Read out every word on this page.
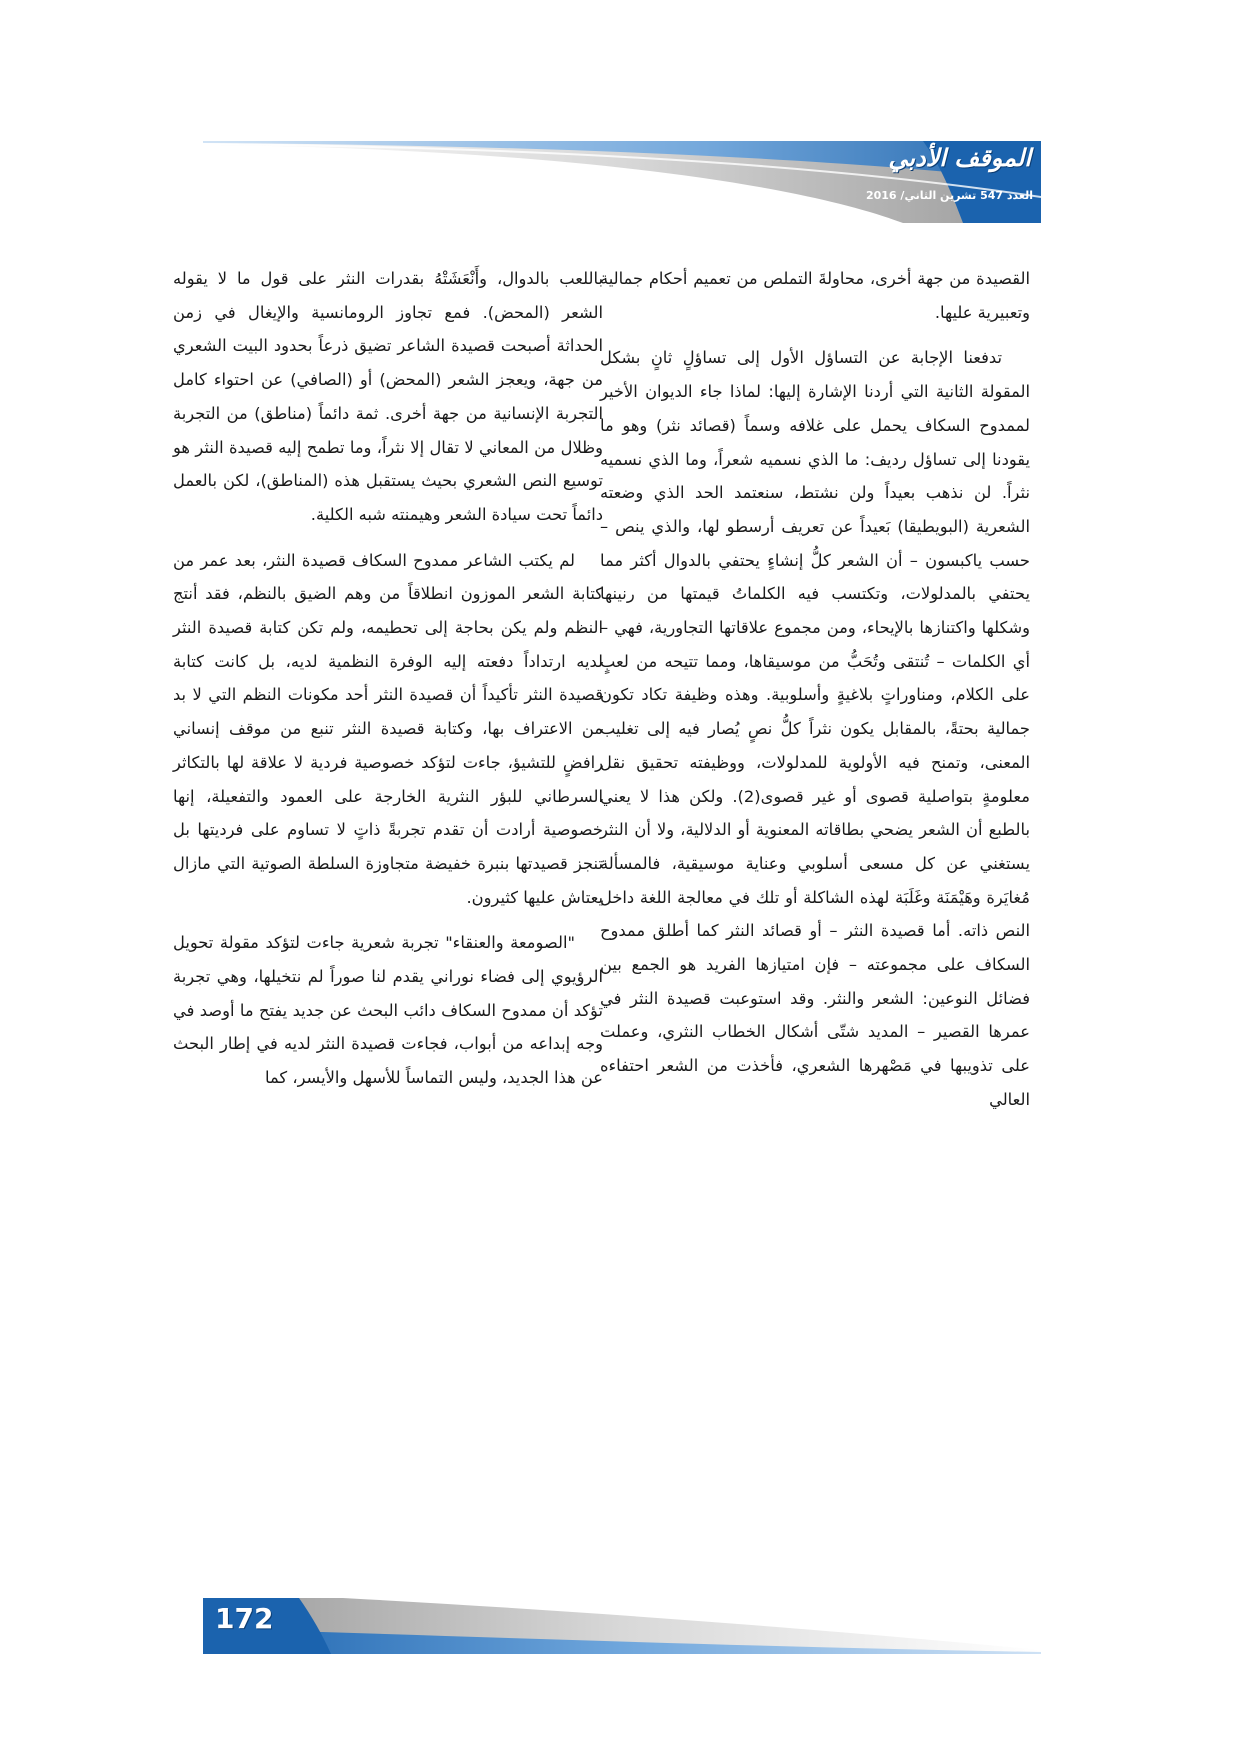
الموقف الأدبي
العدد 547 تشرين الثاني/ 2016

القصيدة من جهة أخرى، محاولةَ التملص من تعميم أحكام جمالية وتعبيرية عليها.

تدفعنا الإجابة عن التساؤل الأول إلى تساؤلٍ ثانٍ بشكل المقولة الثانية التي أردنا الإشارة إليها: لماذا جاء الديوان الأخير لممدوح السكاف يحمل على غلافه وسماً (قصائد نثر) وهو ما يقودنا إلى تساؤل رديف: ما الذي نسميه شعراً، وما الذي نسميه نثراً. لن نذهب بعيداً ولن نشتط، سنعتمد الحد الذي وضعته الشعرية (البويطيقا) بَعيداً عن تعريف أرسطو لها، والذي ينص – حسب ياكبسون – أن الشعر كلُّ إنشاءٍ يحتفي بالدوال أكثر مما يحتفي بالمدلولات، وتكتسب فيه الكلماتُ قيمتها من رنينها وشكلها واكتنازها بالإيحاء، ومن مجموع علاقاتها التجاورية، فهي – أي الكلمات – تُنتقى وتُحَبُّ من موسيقاها، ومما تتيحه من لعبٍ على الكلام، ومناوراتٍ بلاغيةٍ وأسلوبية. وهذه وظيفة تكاد تكون جمالية بحتةً، بالمقابل يكون نثراً كلُّ نصٍ يُصار فيه إلى تغليب المعنى، وتمنح فيه الأولوية للمدلولات، ووظيفته تحقيق نقل معلومةٍ بتواصلية قصوى أو غير قصوى(2). ولكن هذا لا يعني بالطبع أن الشعر يضحي بطاقاته المعنوية أو الدلالية، ولا أن النثر يستغني عن كل مسعى أسلوبي وعناية موسيقية، فالمسألة مُغايَرة وهَيْمَنَة وغَلَبَة لهذه الشاكلة أو تلك في معالجة اللغة داخل النص ذاته. أما قصيدة النثر – أو قصائد النثر كما أطلق ممدوح السكاف على مجموعته – فإن امتيازها الفريد هو الجمع بين فضائل النوعين: الشعر والنثر. وقد استوعبت قصيدة النثر في عمرها القصير – المديد شتّى أشكال الخطاب النثري، وعملت على تذويبها في مَصْهرها الشعري، فأخذت من الشعر احتفاءه العالي

باللعب بالدوال، وأَنْعَشَتْهُ بقدرات النثر على قول ما لا يقوله الشعر (المحض). فمع تجاوز الرومانسية والإيغال في زمن الحداثة أصبحت قصيدة الشاعر تضيق ذرعاً بحدود البيت الشعري من جهة، ويعجز الشعر (المحض) أو (الصافي) عن احتواء كامل التجربة الإنسانية من جهة أخرى. ثمة دائماً (مناطق) من التجربة وظلال من المعاني لا تقال إلا نثراً، وما تطمح إليه قصيدة النثر هو توسيع النص الشعري بحيث يستقبل هذه (المناطق)، لكن بالعمل دائماً تحت سيادة الشعر وهيمنته شبه الكلية.

لم يكتب الشاعر ممدوح السكاف قصيدة النثر، بعد عمر من كتابة الشعر الموزون انطلاقاً من وهم الضيق بالنظم، فقد أنتج النظم ولم يكن بحاجة إلى تحطيمه، ولم تكن كتابة قصيدة النثر لديه ارتداداً دفعته إليه الوفرة النظمية لديه، بل كانت كتابة قصيدة النثر تأكيداً أن قصيدة النثر أحد مكونات النظم التي لا بد من الاعتراف بها، وكتابة قصيدة النثر تنبع من موقف إنساني رافضٍ للتشيؤ، جاءت لتؤكد خصوصية فردية لا علاقة لها بالتكاثر السرطاني للبؤر النثرية الخارجة على العمود والتفعيلة، إنها خصوصية أرادت أن تقدم تجربةً ذاتٍ لا تساوم على فرديتها بل تنجز قصيدتها بنبرة خفيضة متجاوزة السلطة الصوتية التي مازال يعتاش عليها كثيرون.

"الصومعة والعنقاء" تجربة شعرية جاءت لتؤكد مقولة تحويل الرؤيوي إلى فضاء نوراني يقدم لنا صوراً لم نتخيلها، وهي تجربة تؤكد أن ممدوح السكاف دائب البحث عن جديد يفتح ما أوصد في وجه إبداعه من أبواب، فجاءت قصيدة النثر لديه في إطار البحث عن هذا الجديد، وليس التماساً للأسهل والأيسر، كما

172
